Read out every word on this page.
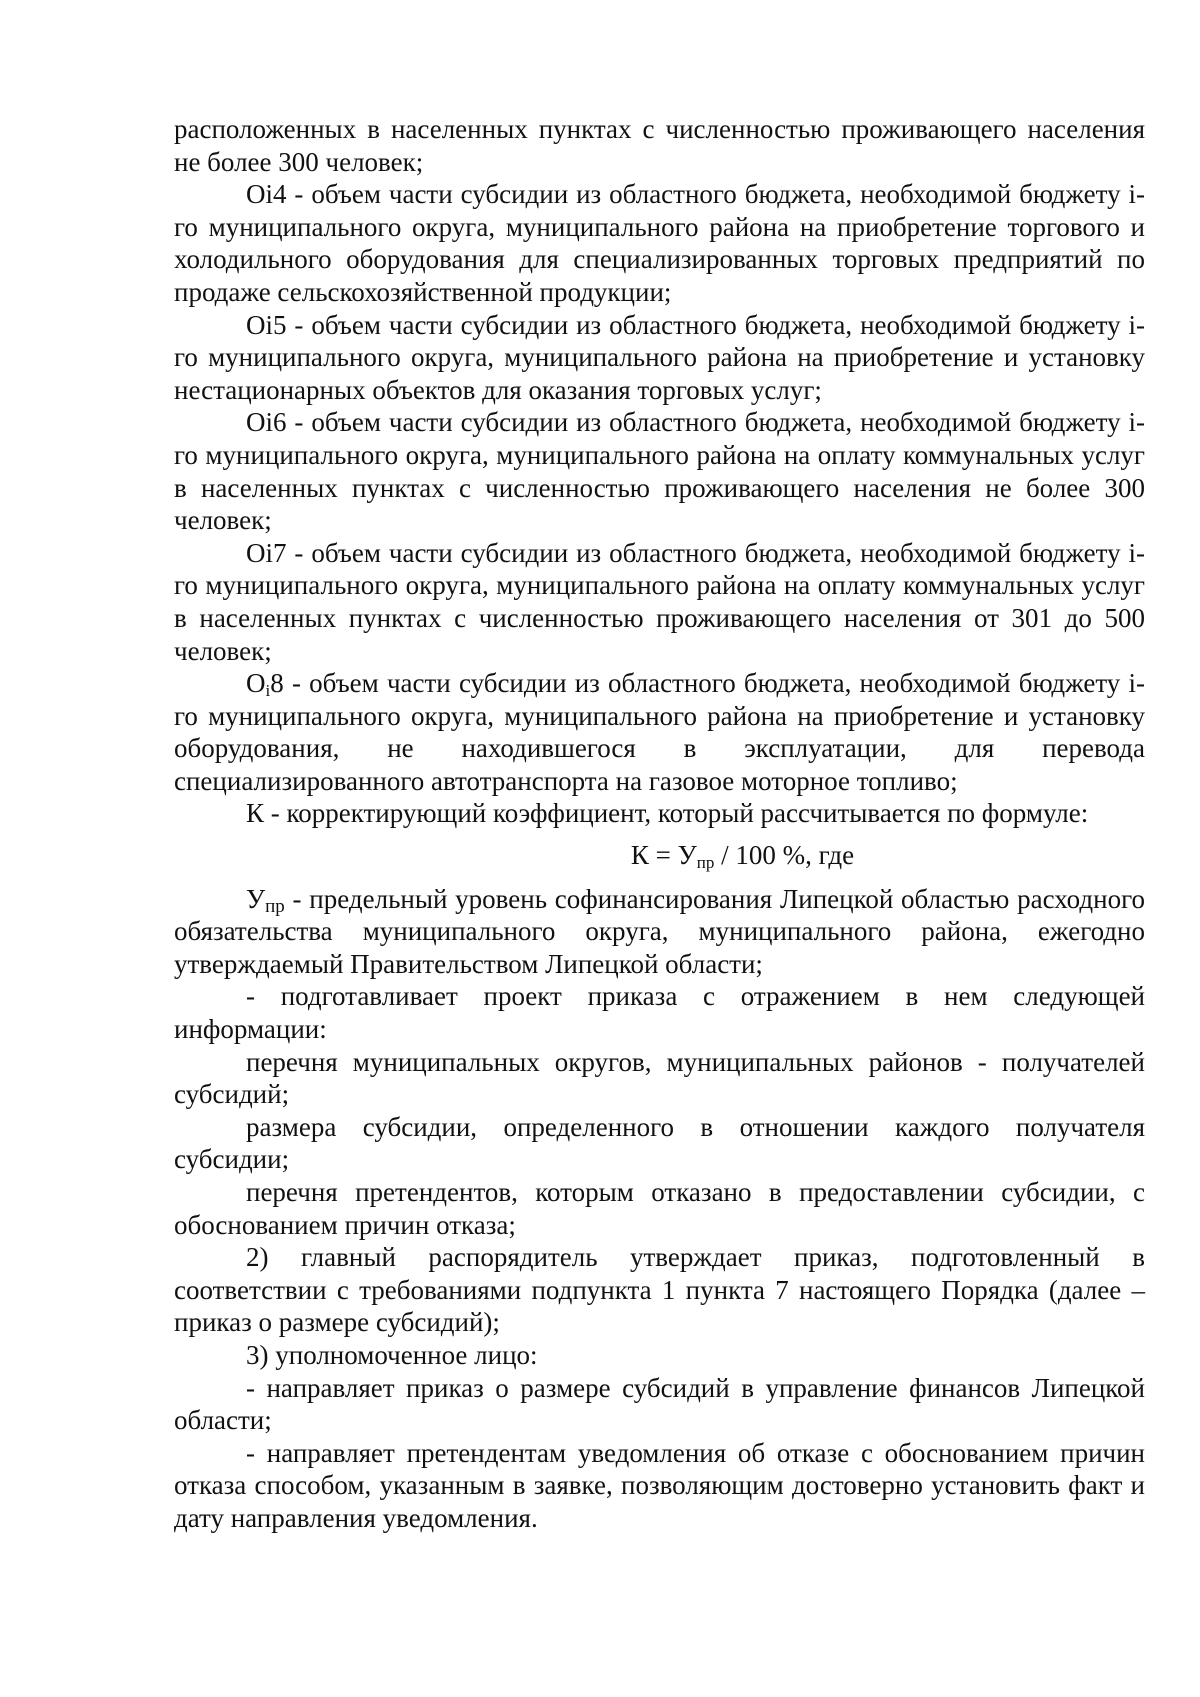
расположенных в населенных пунктах с численностью проживающего населения не более 300 человек;

Оi4 - объем части субсидии из областного бюджета, необходимой бюджету i-го муниципального округа, муниципального района на приобретение торгового и холодильного оборудования для специализированных торговых предприятий по продаже сельскохозяйственной продукции;

Оi5 - объем части субсидии из областного бюджета, необходимой бюджету i-го муниципального округа, муниципального района на приобретение и установку нестационарных объектов для оказания торговых услуг;

Оi6 - объем части субсидии из областного бюджета, необходимой бюджету i-го муниципального округа, муниципального района на оплату коммунальных услуг в населенных пунктах с численностью проживающего населения не более 300 человек;

Оi7 - объем части субсидии из областного бюджета, необходимой бюджету i-го муниципального округа, муниципального района на оплату коммунальных услуг в населенных пунктах с численностью проживающего населения от 301 до 500 человек;

$О_i8$ - объем части субсидии из областного бюджета, необходимой бюджету i-го муниципального округа, муниципального района на приобретение и установку оборудования, не находившегося в эксплуатации, для перевода специализированного автотранспорта на газовое моторное топливо;

К - корректирующий коэффициент, который рассчитывается по формуле:

$К = У_{пр} / 100$ %, где

$У_{пр}$ - предельный уровень софинансирования Липецкой областью расходного обязательства муниципального округа, муниципального района, ежегодно утверждаемый Правительством Липецкой области;

- подготавливает проект приказа с отражением в нем следующей информации:

перечня муниципальных округов, муниципальных районов - получателей субсидий;

размера субсидии, определенного в отношении каждого получателя субсидии;

перечня претендентов, которым отказано в предоставлении субсидии, с обоснованием причин отказа;

2) главный распорядитель утверждает приказ, подготовленный в соответствии с требованиями подпункта 1 пункта 7 настоящего Порядка (далее – приказ о размере субсидий);

3) уполномоченное лицо:

- направляет приказ о размере субсидий в управление финансов Липецкой области;

- направляет претендентам уведомления об отказе с обоснованием причин отказа способом, указанным в заявке, позволяющим достоверно установить факт и дату направления уведомления.
